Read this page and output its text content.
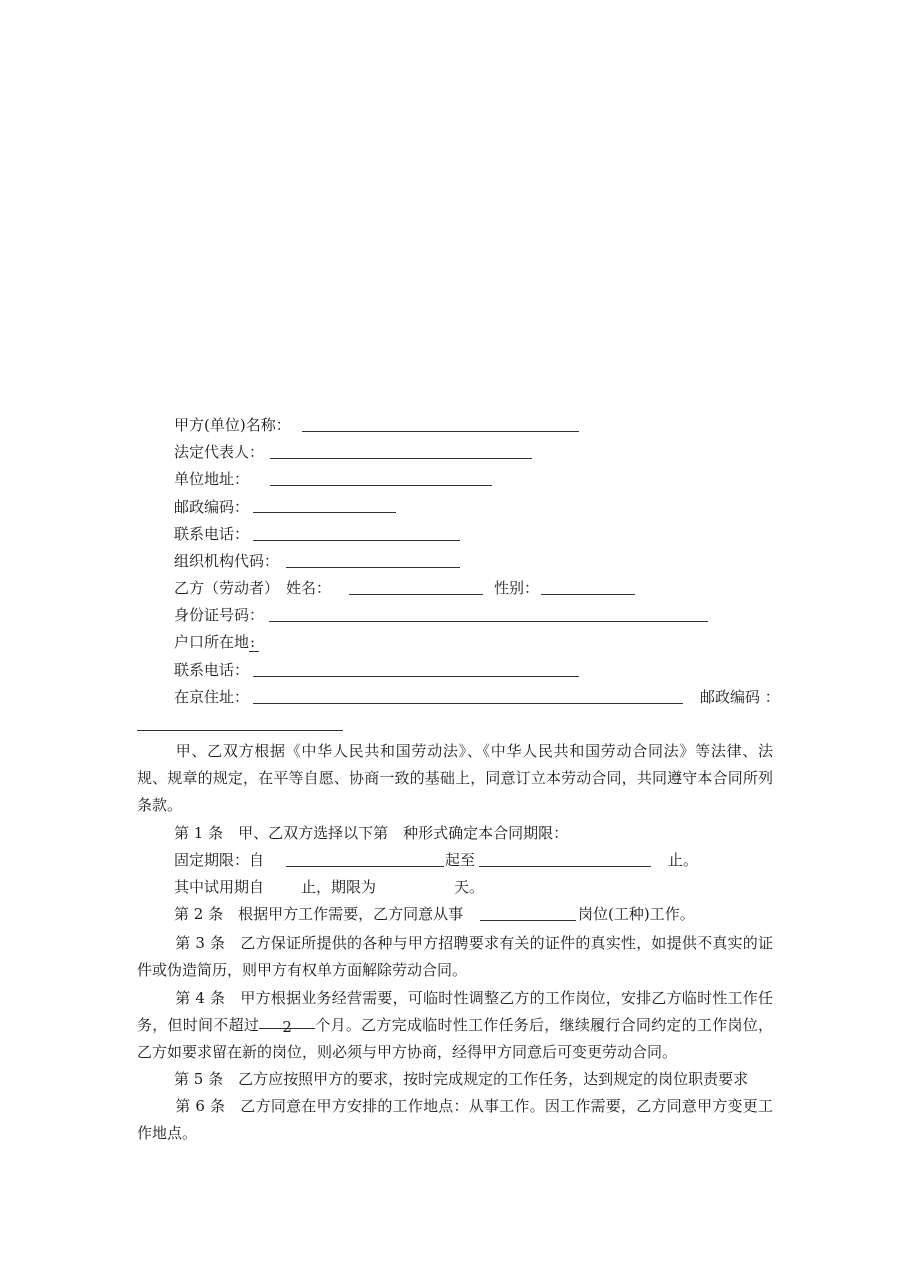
甲方(单位)名称：
法定代表人：
单位地址：
邮政编码：
联系电话：
组织机构代码：
乙方（劳动者） 姓名：	性别：
身份证号码：
户口所在地:
联系电话：
在京住址：	邮政编码 ：
甲、乙双方根据《中华人民共和国劳动法》、《中华人民共和国劳动合同法》等法律、法规、规章的规定，在平等自愿、协商一致的基础上，同意订立本劳动合同，共同遵守本合同所列条款。
第 1 条　甲、乙双方选择以下第　种形式确定本合同期限：
固定期限：自	起至	止。
其中试用期自 止，期限为	天。
第 2 条　根据甲方工作需要，乙方同意从事	岗位(工种)工作。
第 3 条　乙方保证所提供的各种与甲方招聘要求有关的证件的真实性，如提供不真实的证件或伪造简历，则甲方有权单方面解除劳动合同。
第 4 条　甲方根据业务经营需要，可临时性调整乙方的工作岗位，安排乙方临时性工作任务，但时间不超过 2 个月。乙方完成临时性工作任务后，继续履行合同约定的工作岗位，乙方如要求留在新的岗位，则必须与甲方协商，经得甲方同意后可变更劳动合同。
第 5 条　乙方应按照甲方的要求，按时完成规定的工作任务，达到规定的岗位职责要求
第 6 条　乙方同意在甲方安排的工作地点：从事工作。因工作需要，乙方同意甲方变更工作地点。
